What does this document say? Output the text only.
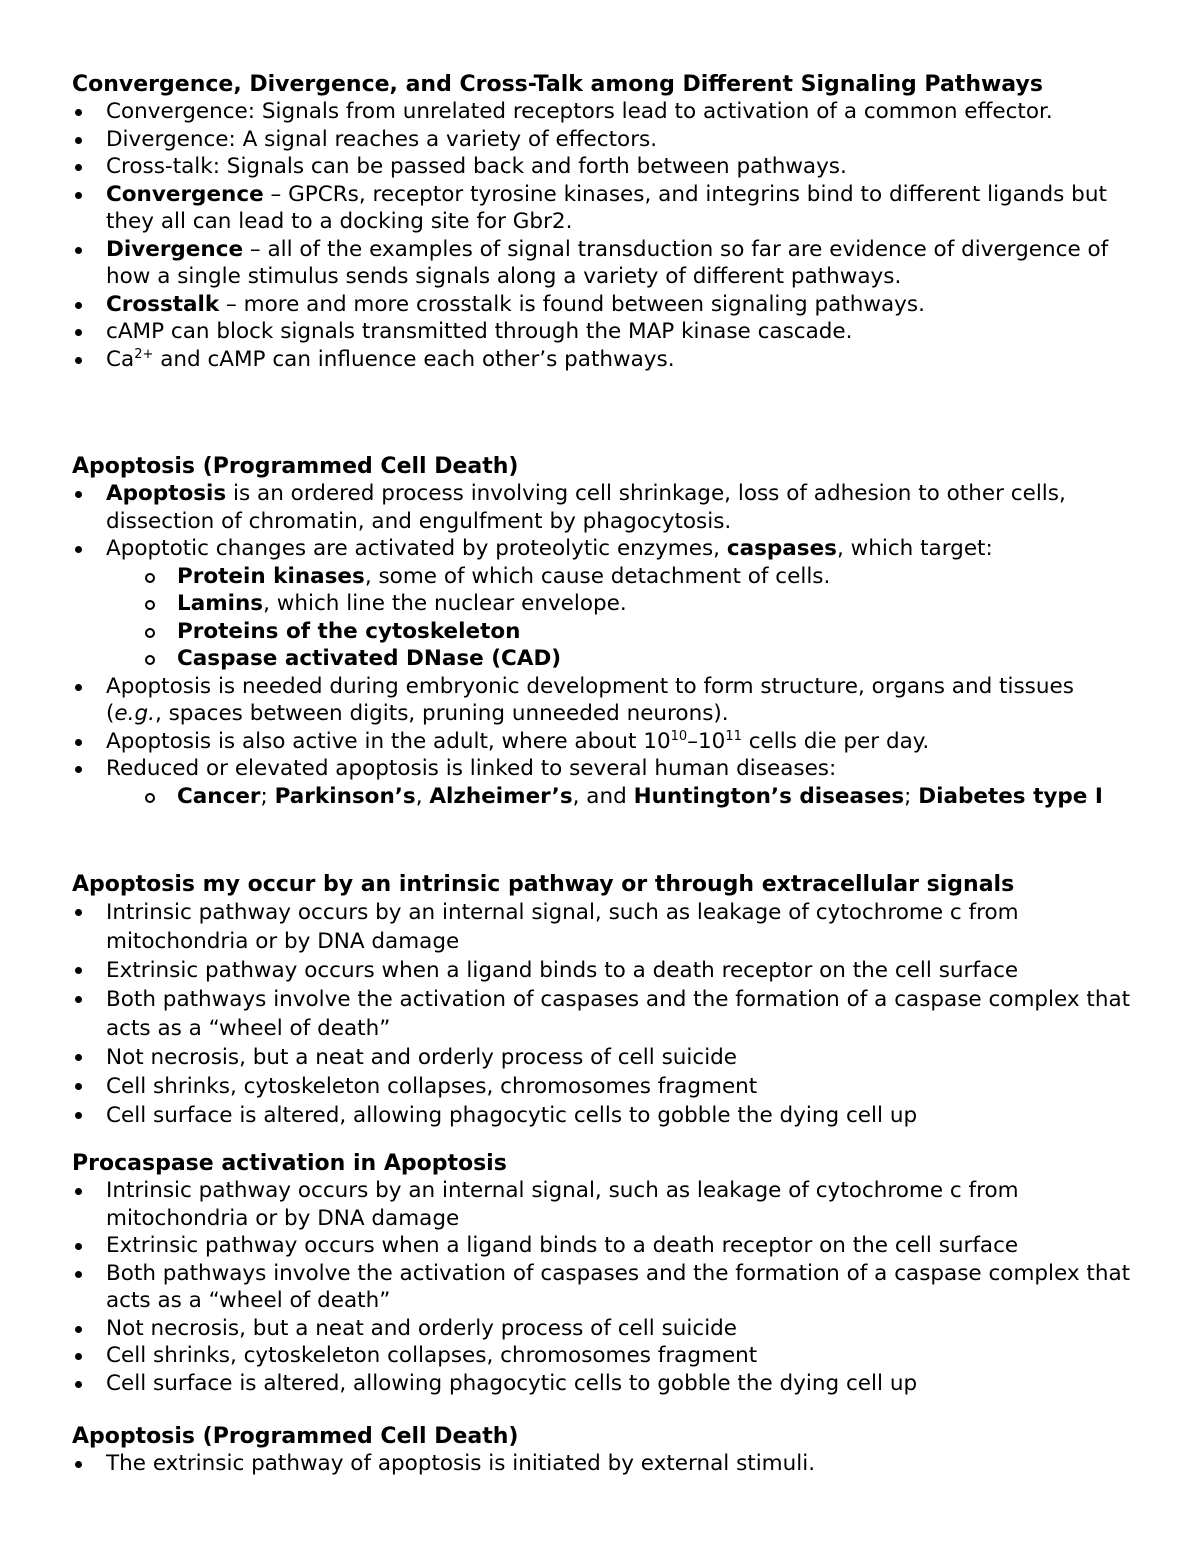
Convergence, Divergence, and Cross-Talk among Different Signaling Pathways
Convergence: Signals from unrelated receptors lead to activation of a common effector.
Divergence: A signal reaches a variety of effectors.
Cross-talk: Signals can be passed back and forth between pathways.
Convergence – GPCRs, receptor tyrosine kinases, and integrins bind to different ligands but they all can lead to a docking site for Gbr2.
Divergence – all of the examples of signal transduction so far are evidence of divergence of how a single stimulus sends signals along a variety of different pathways.
Crosstalk – more and more crosstalk is found between signaling pathways.
cAMP can block signals transmitted through the MAP kinase cascade.
$Ca^{2+}$ and cAMP can influence each other’s pathways.
Apoptosis (Programmed Cell Death)
Apoptosis is an ordered process involving cell shrinkage, loss of adhesion to other cells, dissection of chromatin, and engulfment by phagocytosis.
Apoptotic changes are activated by proteolytic enzymes, caspases, which target:
Protein kinases, some of which cause detachment of cells.
Lamins, which line the nuclear envelope.
Proteins of the cytoskeleton
Caspase activated DNase (CAD)
Apoptosis is needed during embryonic development to form structure, organs and tissues (e.g., spaces between digits, pruning unneeded neurons).
Apoptosis is also active in the adult, where about $10^{10}-10^{11}$ cells die per day.
Reduced or elevated apoptosis is linked to several human diseases:
Cancer; Parkinson’s, Alzheimer’s, and Huntington’s diseases; Diabetes type I
Apoptosis my occur by an intrinsic pathway or through extracellular signals
Intrinsic pathway occurs by an internal signal, such as leakage of cytochrome c from mitochondria or by DNA damage
Extrinsic pathway occurs when a ligand binds to a death receptor on the cell surface
Both pathways involve the activation of caspases and the formation of a caspase complex that acts as a “wheel of death”
Not necrosis, but a neat and orderly process of cell suicide
Cell shrinks, cytoskeleton collapses, chromosomes fragment
Cell surface is altered, allowing phagocytic cells to gobble the dying cell up
Procaspase activation in Apoptosis
Intrinsic pathway occurs by an internal signal, such as leakage of cytochrome c from mitochondria or by DNA damage
Extrinsic pathway occurs when a ligand binds to a death receptor on the cell surface
Both pathways involve the activation of caspases and the formation of a caspase complex that acts as a “wheel of death”
Not necrosis, but a neat and orderly process of cell suicide
Cell shrinks, cytoskeleton collapses, chromosomes fragment
Cell surface is altered, allowing phagocytic cells to gobble the dying cell up
Apoptosis (Programmed Cell Death)
The extrinsic pathway of apoptosis is initiated by external stimuli.
